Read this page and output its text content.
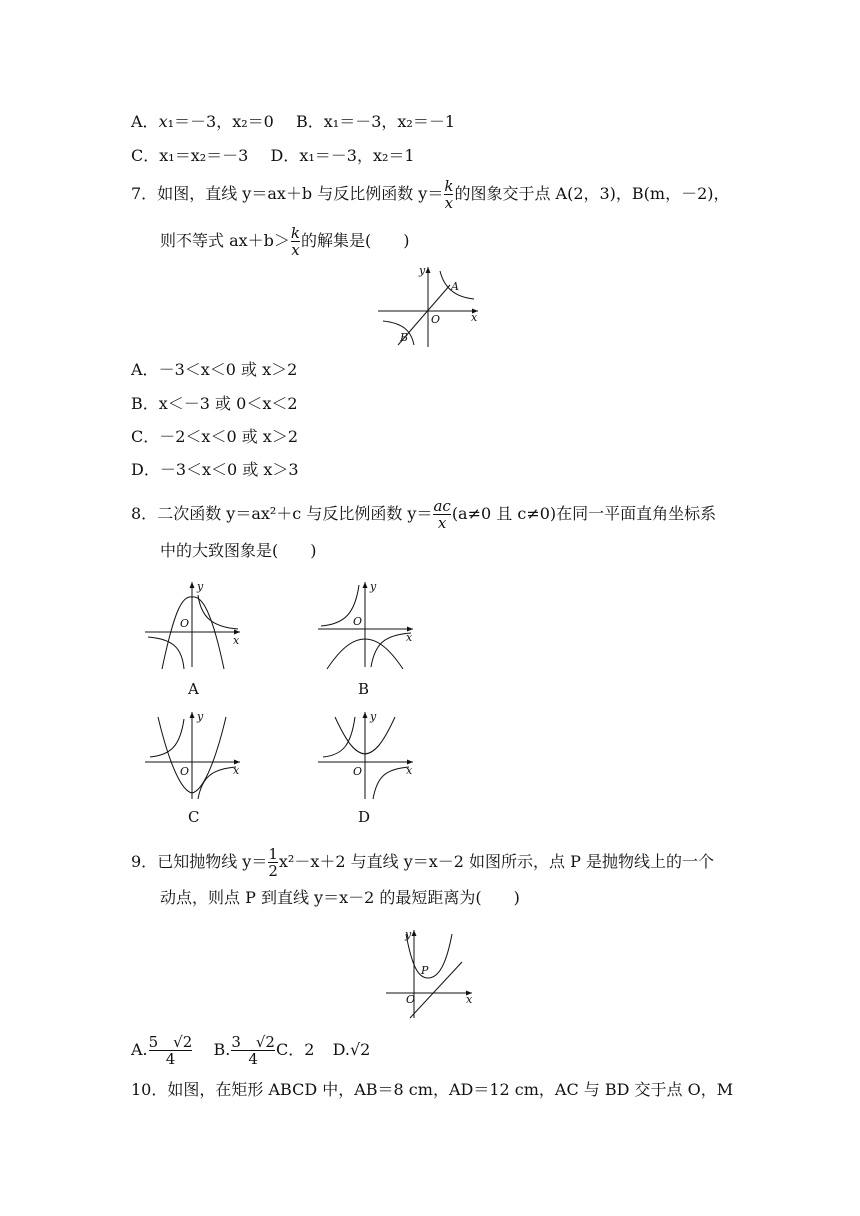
A．x₁＝－3，x₂＝0 B．x₁＝－3，x₂＝－1
C．x₁＝x₂＝－3 D．x₁＝－3，x₂＝1
7．如图，直线 y＝ax＋b 与反比例函数 $y= \frac{k}{x}$ 的图象交于点 A(2，3)，B(m，－2)，
则不等式 $ax+b> \frac{k}{x}$ 的解集是(　　)
y
x
O
A
B
A．－3＜x＜0 或 x＞2
B．x＜－3 或 0＜x＜2
C．－2＜x＜0 或 x＞2
D．－3＜x＜0 或 x＞3
8．二次函数 y＝ax²＋c 与反比例函数 $y= \frac{ac}{x} (a\ne 0$ 且 c≠0)在同一平面直角坐标系
中的大致图象是(　　)
y
x
O
A
y
x
O
B
y
x
O
C
y
x
O
D
9．已知抛物线 $y= \frac{1}{2} x^2-x+2$ 与直线 y＝x－2 如图所示，点 P 是抛物线上的一个
动点，则点 P 到直线 y＝x－2 的最短距离为(　　)
y
x
O
P
A. $\frac{5 √2}{4} B$. $\frac{3 √2}{4}$ C．2 D.√2
10．如图，在矩形 ABCD 中，AB＝8 cm，AD＝12 cm，AC 与 BD 交于点 O，M
